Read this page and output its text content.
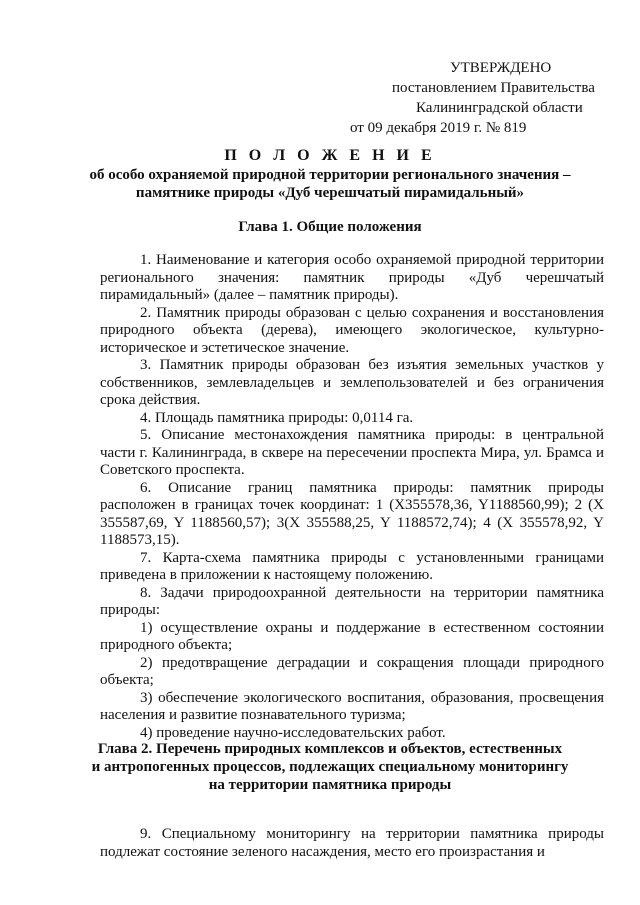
УТВЕРЖДЕНО
постановлением Правительства
Калининградской области
от 09 декабря 2019 г. № 819
П О Л О Ж Е Н И Е
об особо охраняемой природной территории регионального значения –
памятнике природы «Дуб черешчатый пирамидальный»
Глава 1. Общие положения

1. Наименование и категория особо охраняемой природной территории регионального значения: памятник природы «Дуб черешчатый пирамидальный» (далее – памятник природы).

2. Памятник природы образован с целью сохранения и восстановления природного объекта (дерева), имеющего экологическое, культурно-историческое и эстетическое значение.

3. Памятник природы образован без изъятия земельных участков у собственников, землевладельцев и землепользователей и без ограничения срока действия.

4. Площадь памятника природы: 0,0114 га.

5. Описание местонахождения памятника природы: в центральной части г. Калининграда, в сквере на пересечении проспекта Мира, ул. Брамса и Советского проспекта.

6. Описание границ памятника природы: памятник природы расположен в границах точек координат: 1 (X355578,36, Y1188560,99); 2 (X 355587,69, Y 1188560,57); 3(X 355588,25, Y 1188572,74); 4 (X 355578,92, Y 1188573,15).

7. Карта-схема памятника природы с установленными границами приведена в приложении к настоящему положению.

8. Задачи природоохранной деятельности на территории памятника природы:

1) осуществление охраны и поддержание в естественном состоянии природного объекта;

2) предотвращение деградации и сокращения площади природного объекта;

3) обеспечение экологического воспитания, образования, просвещения населения и развитие познавательного туризма;

4) проведение научно-исследовательских работ.

Глава 2. Перечень природных комплексов и объектов, естественных
и антропогенных процессов, подлежащих специальному мониторингу
на территории памятника природы

9. Специальному мониторингу на территории памятника природы подлежат состояние зеленого насаждения, место его произрастания и
